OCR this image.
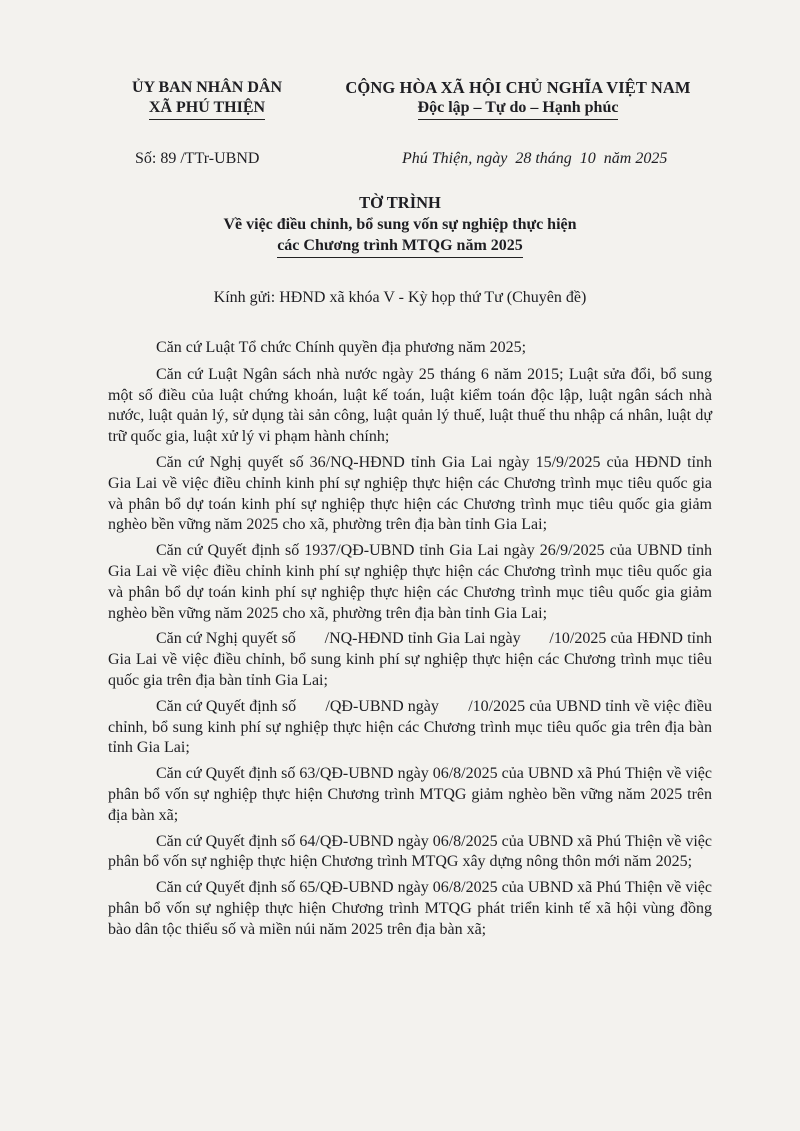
ỦY BAN NHÂN DÂN
XÃ PHÚ THIỆN
CỘNG HÒA XÃ HỘI CHỦ NGHĨA VIỆT NAM
Độc lập – Tự do – Hạnh phúc
Số: 89 /TTr-UBND	Phú Thiện, ngày  28 tháng  10  năm 2025
TỜ TRÌNH
Về việc điều chỉnh, bổ sung vốn sự nghiệp thực hiện
các Chương trình MTQG năm 2025
Kính gửi: HĐND xã khóa V - Kỳ họp thứ Tư (Chuyên đề)

Căn cứ Luật Tổ chức Chính quyền địa phương năm 2025;

Căn cứ Luật Ngân sách nhà nước ngày 25 tháng 6 năm 2015; Luật sửa đổi, bổ sung một số điều của luật chứng khoán, luật kế toán, luật kiểm toán độc lập, luật ngân sách nhà nước, luật quản lý, sử dụng tài sản công, luật quản lý thuế, luật thuế thu nhập cá nhân, luật dự trữ quốc gia, luật xử lý vi phạm hành chính;

Căn cứ Nghị quyết số 36/NQ-HĐND tỉnh Gia Lai ngày 15/9/2025 của HĐND tỉnh Gia Lai về việc điều chỉnh kinh phí sự nghiệp thực hiện các Chương trình mục tiêu quốc gia và phân bổ dự toán kinh phí sự nghiệp thực hiện các Chương trình mục tiêu quốc gia giảm nghèo bền vững năm 2025 cho xã, phường trên địa bàn tỉnh Gia Lai;

Căn cứ Quyết định số 1937/QĐ-UBND tỉnh Gia Lai ngày 26/9/2025 của UBND tỉnh Gia Lai về việc điều chỉnh kinh phí sự nghiệp thực hiện các Chương trình mục tiêu quốc gia và phân bổ dự toán kinh phí sự nghiệp thực hiện các Chương trình mục tiêu quốc gia giảm nghèo bền vững năm 2025 cho xã, phường trên địa bàn tỉnh Gia Lai;

Căn cứ Nghị quyết số       /NQ-HĐND tỉnh Gia Lai ngày       /10/2025 của HĐND tỉnh Gia Lai về việc điều chỉnh, bổ sung kinh phí sự nghiệp thực hiện các Chương trình mục tiêu quốc gia trên địa bàn tỉnh Gia Lai;

Căn cứ Quyết định số       /QĐ-UBND ngày       /10/2025 của UBND tỉnh về việc điều chỉnh, bổ sung kinh phí sự nghiệp thực hiện các Chương trình mục tiêu quốc gia trên địa bàn tỉnh Gia Lai;

Căn cứ Quyết định số 63/QĐ-UBND ngày 06/8/2025 của UBND xã Phú Thiện về việc phân bổ vốn sự nghiệp thực hiện Chương trình MTQG giảm nghèo bền vững năm 2025 trên địa bàn xã;

Căn cứ Quyết định số 64/QĐ-UBND ngày 06/8/2025 của UBND xã Phú Thiện về việc phân bổ vốn sự nghiệp thực hiện Chương trình MTQG xây dựng nông thôn mới năm 2025;

Căn cứ Quyết định số 65/QĐ-UBND ngày 06/8/2025 của UBND xã Phú Thiện về việc phân bổ vốn sự nghiệp thực hiện Chương trình MTQG phát triển kinh tế xã hội vùng đồng bào dân tộc thiểu số và miền núi năm 2025 trên địa bàn xã;
